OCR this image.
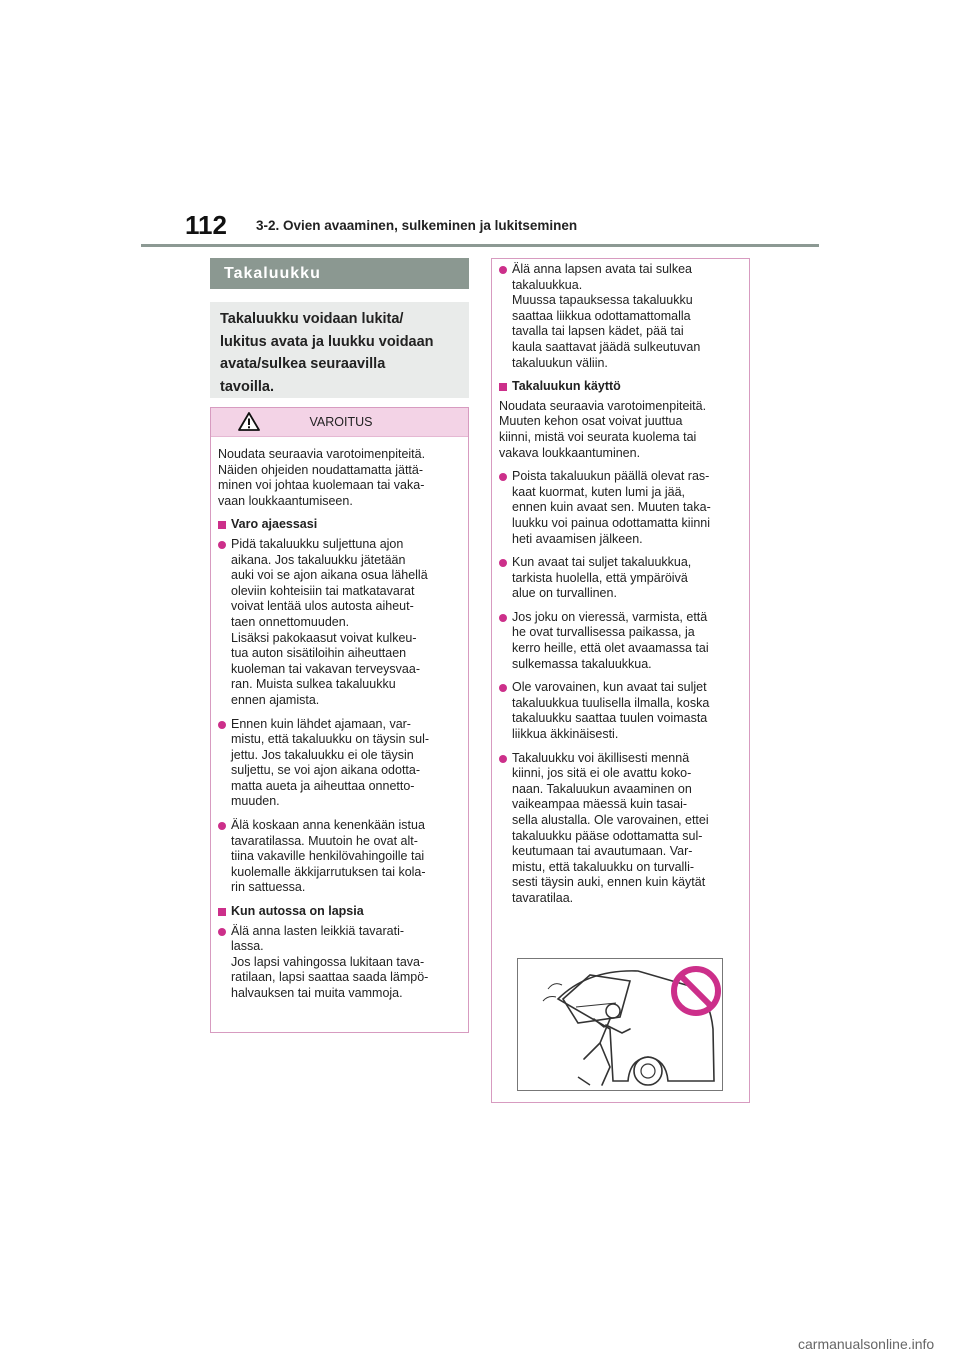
112 3-2. Ovien avaaminen, sulkeminen ja lukitseminen
Takaluukku
Takaluukku voidaan lukita/
lukitus avata ja luukku voidaan
avata/sulkea seuraavilla
tavoilla.
VAROITUS
Noudata seuraavia varotoimenpiteitä.
Näiden ohjeiden noudattamatta jättä-
minen voi johtaa kuolemaan tai vaka-
vaan loukkaantumiseen.
Varo ajaessasi
Pidä takaluukku suljettuna ajon
aikana. Jos takaluukku jätetään
auki voi se ajon aikana osua lähellä
oleviin kohteisiin tai matkatavarat
voivat lentää ulos autosta aiheut-
taen onnettomuuden.
Lisäksi pakokaasut voivat kulkeu-
tua auton sisätiloihin aiheuttaen
kuoleman tai vakavan terveysvaa-
ran. Muista sulkea takaluukku
ennen ajamista.
Ennen kuin lähdet ajamaan, var-
mistu, että takaluukku on täysin sul-
jettu. Jos takaluukku ei ole täysin
suljettu, se voi ajon aikana odotta-
matta aueta ja aiheuttaa onnetto-
muuden.
Älä koskaan anna kenenkään istua
tavaratilassa. Muutoin he ovat alt-
tiina vakaville henkilövahingoille tai
kuolemalle äkkijarrutuksen tai kola-
rin sattuessa.
Kun autossa on lapsia
Älä anna lasten leikkiä tavarati-
lassa.
Jos lapsi vahingossa lukitaan tava-
ratilaan, lapsi saattaa saada lämpö-
halvauksen tai muita vammoja.
Älä anna lapsen avata tai sulkea
takaluukkua.
Muussa tapauksessa takaluukku
saattaa liikkua odottamattomalla
tavalla tai lapsen kädet, pää tai
kaula saattavat jäädä sulkeutuvan
takaluukun väliin.
Takaluukun käyttö
Noudata seuraavia varotoimenpiteitä.
Muuten kehon osat voivat juuttua
kiinni, mistä voi seurata kuolema tai
vakava loukkaantuminen.
Poista takaluukun päällä olevat ras-
kaat kuormat, kuten lumi ja jää,
ennen kuin avaat sen. Muuten taka-
luukku voi painua odottamatta kiinni
heti avaamisen jälkeen.
Kun avaat tai suljet takaluukkua,
tarkista huolella, että ympäröivä
alue on turvallinen.
Jos joku on vieressä, varmista, että
he ovat turvallisessa paikassa, ja
kerro heille, että olet avaamassa tai
sulkemassa takaluukkua.
Ole varovainen, kun avaat tai suljet
takaluukkua tuulisella ilmalla, koska
takaluukku saattaa tuulen voimasta
liikkua äkkinäisesti.
Takaluukku voi äkillisesti mennä
kiinni, jos sitä ei ole avattu koko-
naan. Takaluukun avaaminen on
vaikeampaa mäessä kuin tasai-
sella alustalla. Ole varovainen, ettei
takaluukku pääse odottamatta sul-
keutumaan tai avautumaan. Var-
mistu, että takaluukku on turvalli-
sesti täysin auki, ennen kuin käytät
tavaratilaa.
carmanualsonline.info
